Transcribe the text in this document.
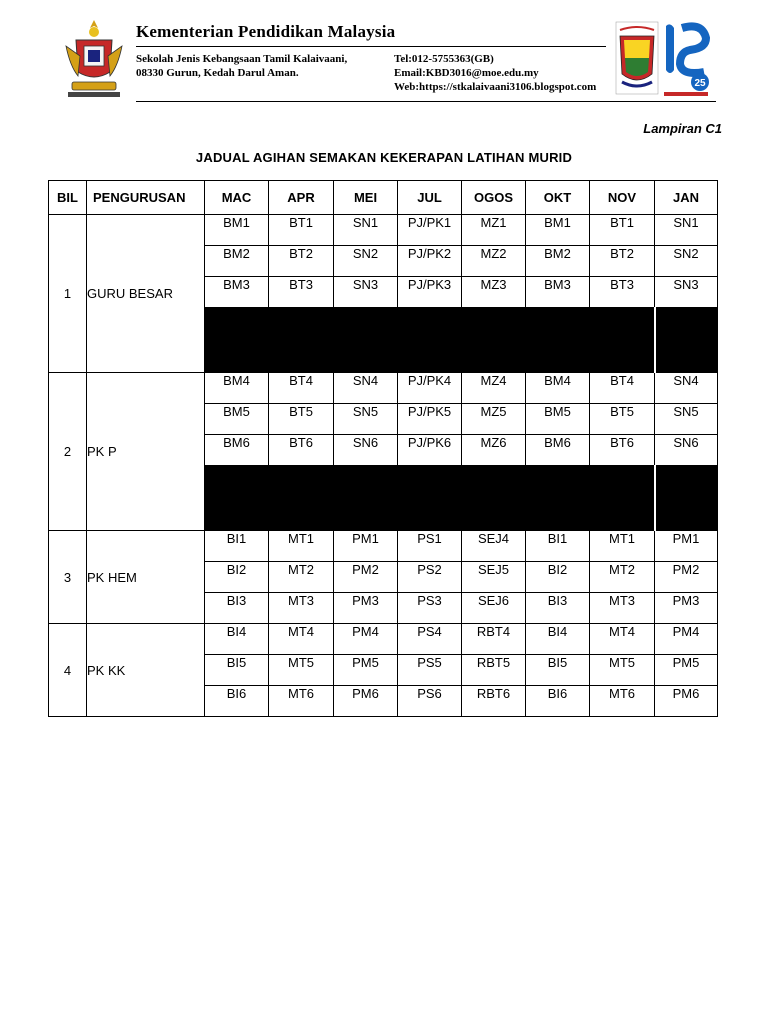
Kementerian Pendidikan Malaysia
Sekolah Jenis Kebangsaan Tamil Kalaivaani,
08330 Gurun, Kedah Darul Aman.
Tel:012-5755363(GB)
Email:KBD3016@moe.edu.my
Web:https://stkalaivaani3106.blogspot.com	25
Lampiran C1
JADUAL AGIHAN SEMAKAN KEKERAPAN LATIHAN MURID
BIL	PENGURUSAN	MAC	APR	MEI	JUL	OGOS	OKT	NOV	JAN
1	GURU BESAR	BM1	BT1	SN1	PJ/PK1	MZ1	BM1	BT1	SN1
		BM2	BT2	SN2	PJ/PK2	MZ2	BM2	BT2	SN2
		BM3	BT3	SN3	PJ/PK3	MZ3	BM3	BT3	SN3

2	PK P	BM4	BT4	SN4	PJ/PK4	MZ4	BM4	BT4	SN4
		BM5	BT5	SN5	PJ/PK5	MZ5	BM5	BT5	SN5
		BM6	BT6	SN6	PJ/PK6	MZ6	BM6	BT6	SN6

3	PK HEM	BI1	MT1	PM1	PS1	SEJ4	BI1	MT1	PM1
		BI2	MT2	PM2	PS2	SEJ5	BI2	MT2	PM2
		BI3	MT3	PM3	PS3	SEJ6	BI3	MT3	PM3
4	PK KK	BI4	MT4	PM4	PS4	RBT4	BI4	MT4	PM4
		BI5	MT5	PM5	PS5	RBT5	BI5	MT5	PM5
		BI6	MT6	PM6	PS6	RBT6	BI6	MT6	PM6
